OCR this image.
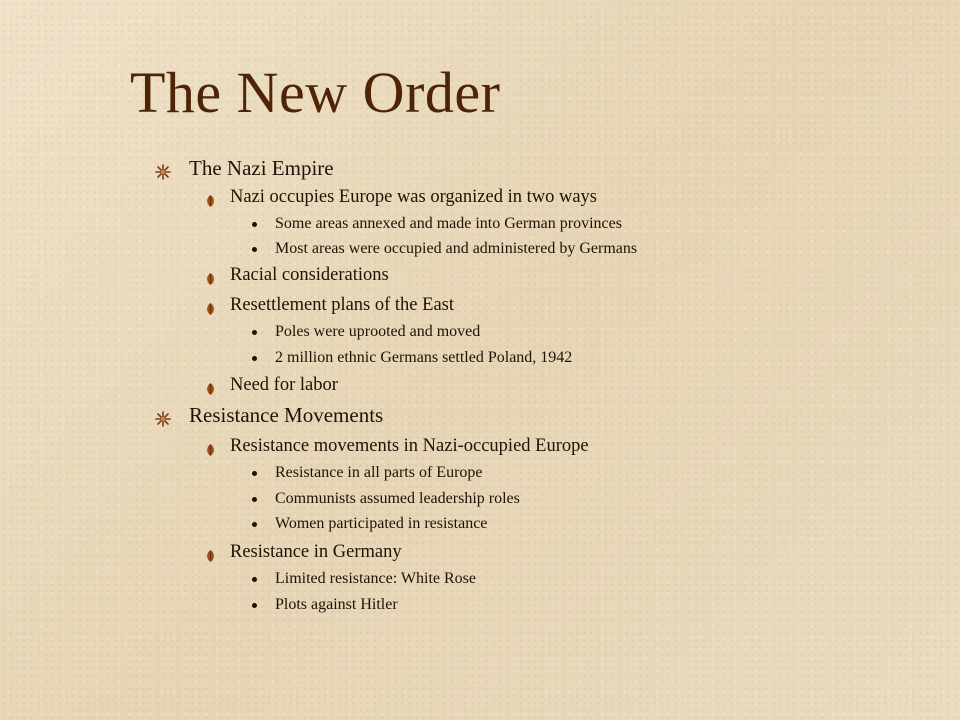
The New Order
The Nazi Empire
Nazi occupies Europe was organized in two ways
Some areas annexed and made into German provinces
Most areas were occupied and administered by Germans
Racial considerations
Resettlement plans of the East
Poles were uprooted and moved
2 million ethnic Germans settled Poland, 1942
Need for labor
Resistance Movements
Resistance movements in Nazi-occupied Europe
Resistance in all parts of Europe
Communists assumed leadership roles
Women participated in resistance
Resistance in Germany
Limited resistance: White Rose
Plots against Hitler
